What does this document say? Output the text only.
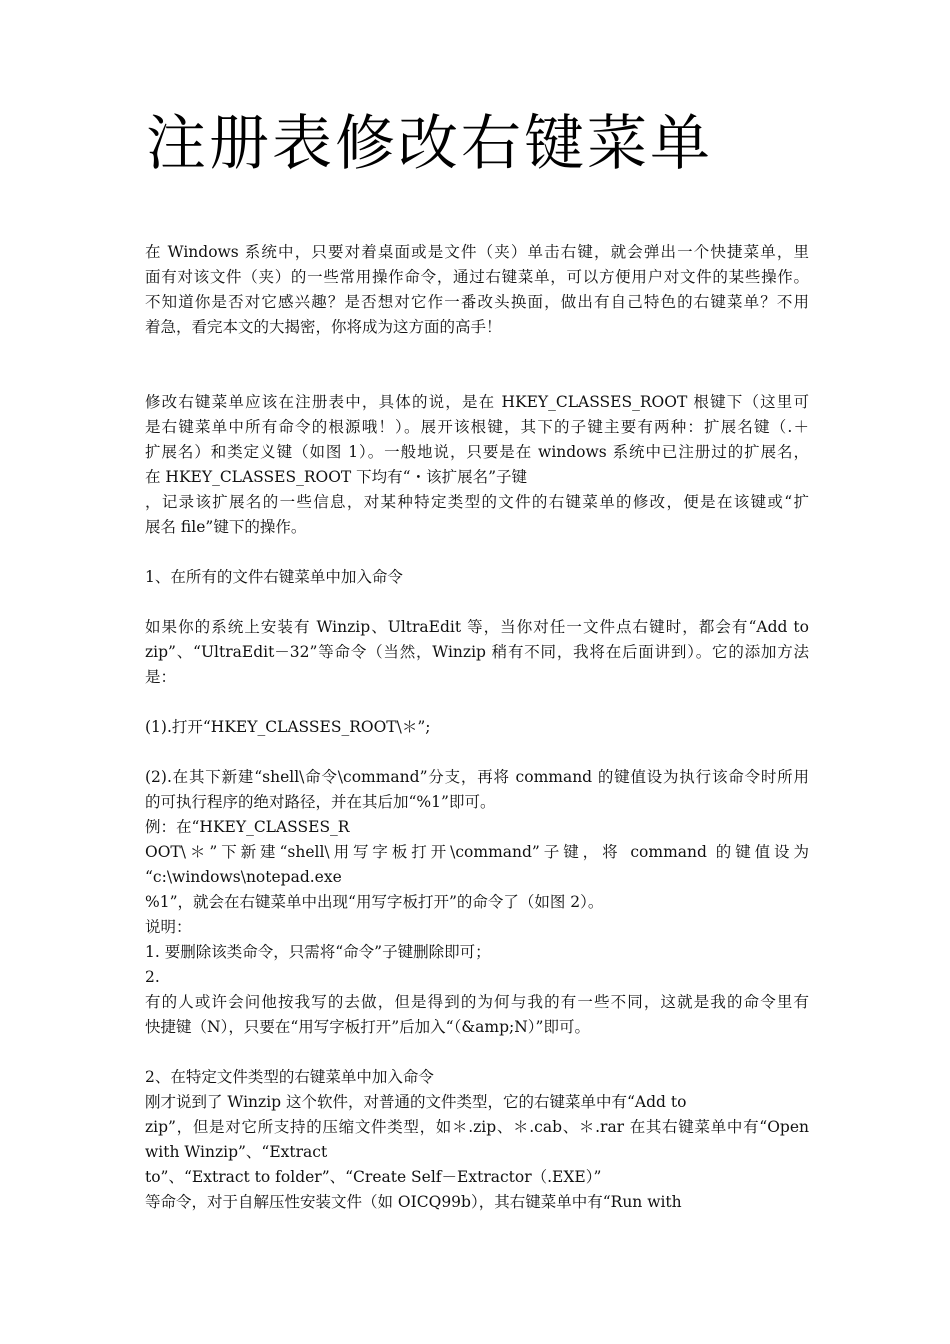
注册表修改右键菜单
在 Windows 系统中，只要对着桌面或是文件（夹）单击右键，就会弹出一个快捷菜单，里
面有对该文件（夹）的一些常用操作命令，通过右键菜单，可以方便用户对文件的某些操作。
不知道你是否对它感兴趣？是否想对它作一番改头换面，做出有自己特色的右键菜单？不用
着急，看完本文的大揭密，你将成为这方面的高手！
修改右键菜单应该在注册表中，具体的说，是在 HKEY_CLASSES_ROOT 根键下（这里可
是右键菜单中所有命令的根源哦！）。展开该根键，其下的子键主要有两种：扩展名键（.＋
扩展名）和类定义键（如图 1）。一般地说，只要是在 windows 系统中已注册过的扩展名，
在 HKEY_CLASSES_ROOT 下均有“・该扩展名”子键
，记录该扩展名的一些信息，对某种特定类型的文件的右键菜单的修改，便是在该键或“扩
展名 file”键下的操作。
1、在所有的文件右键菜单中加入命令
如果你的系统上安装有 Winzip、UltraEdit 等，当你对任一文件点右键时，都会有“Add to
zip”、“UltraEdit－32”等命令（当然，Winzip 稍有不同，我将在后面讲到）。它的添加方法
是：
(1).打开“HKEY_CLASSES_ROOT\＊”;
(2).在其下新建“shell\命令\command”分支，再将 command 的键值设为执行该命令时所用
的可执行程序的绝对路径，并在其后加“%1”即可。
例：在“HKEY_CLASSES_R
OOT\＊”下新建“shell\用写字板打开\command”子键，将 command 的键值设为
“c:\windows\notepad.exe
%1”，就会在右键菜单中出现“用写字板打开”的命令了（如图 2）。
说明：
1. 要删除该类命令，只需将“命令”子键删除即可；
2.
有的人或许会问他按我写的去做，但是得到的为何与我的有一些不同，这就是我的命令里有
快捷键（N），只要在“用写字板打开”后加入“（&amp;N）”即可。
2、在特定文件类型的右键菜单中加入命令
刚才说到了 Winzip 这个软件，对普通的文件类型，它的右键菜单中有“Add to
zip”，但是对它所支持的压缩文件类型，如＊.zip、＊.cab、＊.rar 在其右键菜单中有“Open
with Winzip”、“Extract
to”、“Extract to folder”、“Create Self－Extractor（.EXE）”
等命令，对于自解压性安装文件（如 OICQ99b），其右键菜单中有“Run with
